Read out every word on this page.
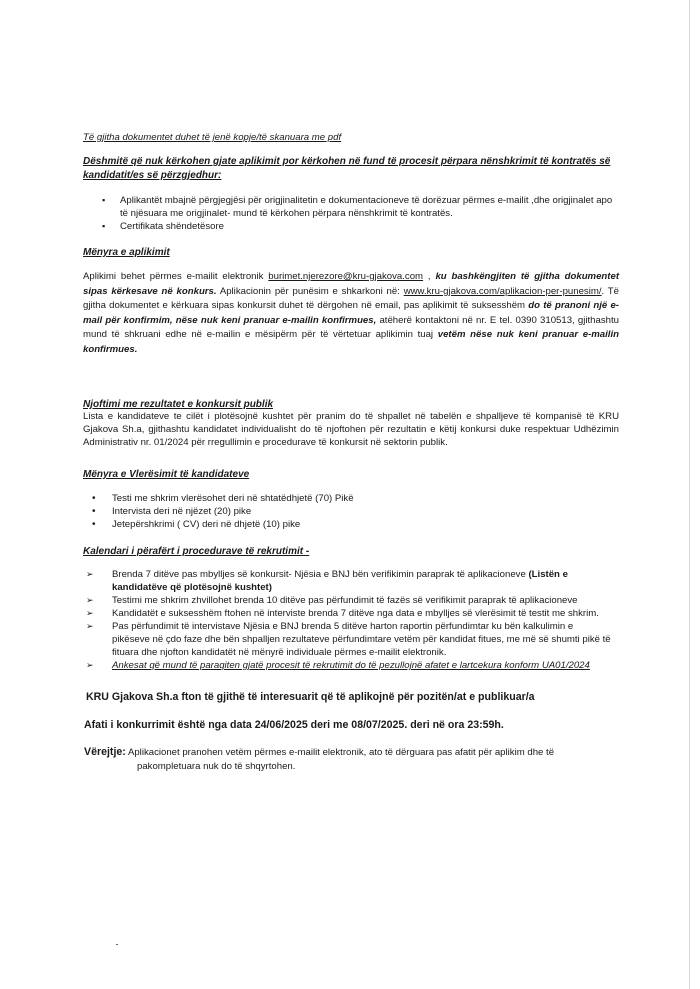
Të gjitha dokumentet duhet të jenë kopje/të skanuara me pdf
Dëshmitë që nuk kërkohen gjate aplikimit por kërkohen në fund të procesit përpara nënshkrimit të kontratës së kandidatit/es së përzgjedhur:
▪ Aplikantët mbajnë përgjegjësi për origjinalitetin e dokumentacioneve të dorëzuar përmes e-mailit ,dhe origjinalet apo të njësuara me origjinalet- mund të kërkohen përpara nënshkrimit të kontratës.
▪ Certifikata shëndetësore
Mënyra e aplikimit
Aplikimi behet përmes e-mailit elektronik burimet.njerezore@kru-gjakova.com , ku bashkëngjiten të gjitha dokumentet sipas kërkesave në konkurs. Aplikacionin për punësim e shkarkoni në: www.kru-gjakova.com/aplikacion-per-punesim/. Të gjitha dokumentet e kërkuara sipas konkursit duhet të dërgohen në email, pas aplikimit të suksesshëm do të pranoni një e-mail për konfirmim, nëse nuk keni pranuar e-mailin konfirmues, atëherë kontaktoni në nr. E tel. 0390 310513, gjithashtu mund të shkruani edhe në e-mailin e mësipërm për të vërtetuar aplikimin tuaj vetëm nëse nuk keni pranuar e-mailin konfirmues.
Njoftimi me rezultatet e konkursit publik
Lista e kandidateve te cilët i plotësojnë kushtet për pranim do të shpallet në tabelën e shpalljeve të kompanisë të KRU Gjakova Sh.a, gjithashtu kandidatet individualisht do të njoftohen për rezultatin e këtij konkursi duke respektuar Udhëzimin Administrativ nr. 01/2024 për rregullimin e procedurave të konkursit në sektorin publik.
Mënyra e Vlerësimit të kandidateve
• Testi me shkrim vlerësohet deri në shtatëdhjetë (70) Pikë
• Intervista deri në njëzet (20) pike
• Jetepërshkrimi ( CV) deri në dhjetë (10) pike
Kalendari i përafërt i procedurave të rekrutimit -
➢ Brenda 7 ditëve pas mbylljes së konkursit- Njësia e BNJ bën verifikimin paraprak të aplikacioneve (Listën e kandidatëve që plotësojnë kushtet)
➢ Testimi me shkrim zhvillohet brenda 10 ditëve pas përfundimit të fazës së verifikimit paraprak të aplikacioneve
➢ Kandidatët e suksesshëm ftohen në interviste brenda 7 ditëve nga data e mbylljes së vlerësimit të testit me shkrim.
➢ Pas përfundimit të intervistave Njësia e BNJ brenda 5 ditëve harton raportin përfundimtar ku bën kalkulimin e pikëseve në çdo faze dhe bën shpalljen rezultateve përfundimtare vetëm për kandidat fitues, me më së shumti pikë të fituara dhe njofton kandidatët në mënyrë individuale përmes e-mailit elektronik.
➢ Ankesat që mund të paraqiten gjatë procesit të rekrutimit do të pezullojnë afatet e lartcekura konform UA01/2024
KRU Gjakova Sh.a fton të gjithë të interesuarit që të aplikojnë për pozitën/at e publikuar/a
Afati i konkurrimit është nga data 24/06/2025 deri me 08/07/2025. deri në ora 23:59h.
Vërejtje: Aplikacionet pranohen vetëm përmes e-mailit elektronik, ato të dërguara pas afatit për aplikim dhe të pakompletuara nuk do të shqyrtohen.
